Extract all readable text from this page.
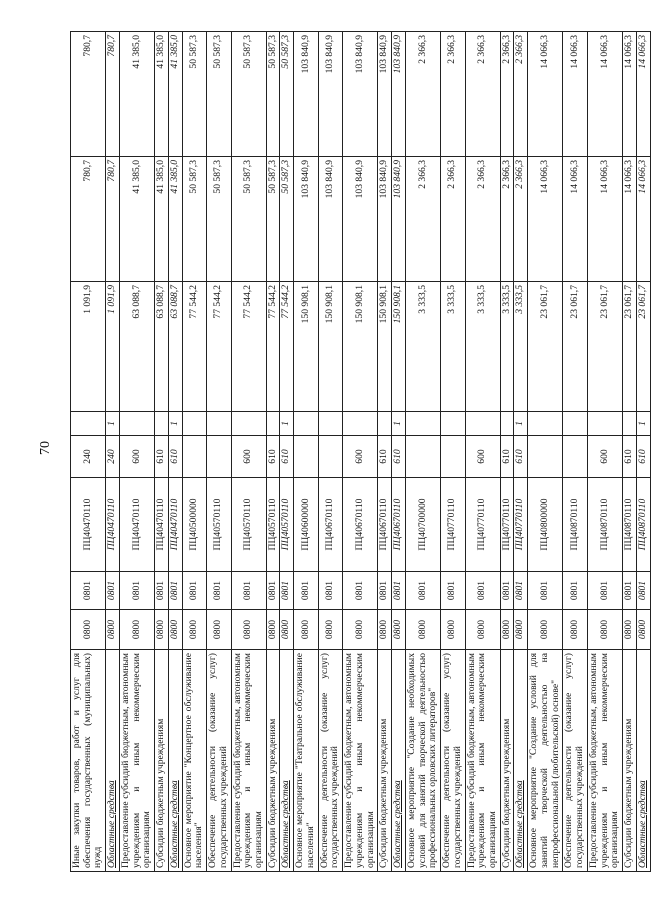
70
Иные закупки товаров, работ и услуг для обеспечения государственных (муниципальных) нужд	0800	0801	ПЦ40470110	240		1 091,9	780,7	780,7
Областные средства	0800	0801	ПЦ40470110	240	1	1 091,9	780,7	780,7
Предоставление субсидий бюджетным, автономным учреждениям и иным некоммерческим организациям	0800	0801	ПЦ40470110	600		63 088,7	41 385,0	41 385,0
Субсидии бюджетным учреждениям	0800	0801	ПЦ40470110	610		63 088,7	41 385,0	41 385,0
Областные средства	0800	0801	ПЦ40470110	610	1	63 088,7	41 385,0	41 385,0
Основное мероприятие "Концертное обслуживание населения"	0800	0801	ПЦ40500000			77 544,2	50 587,3	50 587,3
Обеспечение деятельности (оказание услуг) государственных учреждений	0800	0801	ПЦ40570110			77 544,2	50 587,3	50 587,3
Предоставление субсидий бюджетным, автономным учреждениям и иным некоммерческим организациям	0800	0801	ПЦ40570110	600		77 544,2	50 587,3	50 587,3
Субсидии бюджетным учреждениям	0800	0801	ПЦ40570110	610		77 544,2	50 587,3	50 587,3
Областные средства	0800	0801	ПЦ40570110	610	1	77 544,2	50 587,3	50 587,3
Основное мероприятие "Театральное обслуживание населения"	0800	0801	ПЦ40600000			150 908,1	103 840,9	103 840,9
Обеспечение деятельности (оказание услуг) государственных учреждений	0800	0801	ПЦ40670110			150 908,1	103 840,9	103 840,9
Предоставление субсидий бюджетным, автономным учреждениям и иным некоммерческим организациям	0800	0801	ПЦ40670110	600		150 908,1	103 840,9	103 840,9
Субсидии бюджетным учреждениям	0800	0801	ПЦ40670110	610		150 908,1	103 840,9	103 840,9
Областные средства	0800	0801	ПЦ40670110	610	1	150 908,1	103 840,9	103 840,9
Основное мероприятие "Создание необходимых условий для занятий творческой деятельностью профессиональных орловских литераторов"	0800	0801	ПЦ40700000			3 333,5	2 366,3	2 366,3
Обеспечение деятельности (оказание услуг) государственных учреждений	0800	0801	ПЦ40770110			3 333,5	2 366,3	2 366,3
Предоставление субсидий бюджетным, автономным учреждениям и иным некоммерческим организациям	0800	0801	ПЦ40770110	600		3 333,5	2 366,3	2 366,3
Субсидии бюджетным учреждениям	0800	0801	ПЦ40770110	610		3 333,5	2 366,3	2 366,3
Областные средства	0800	0801	ПЦ40770110	610	1	3 333,5	2 366,3	2 366,3
Основное мероприятие "Создание условий для занятий творческой деятельностью на непрофессиональной (любительской) основе"	0800	0801	ПЦ40800000			23 061,7	14 066,3	14 066,3
Обеспечение деятельности (оказание услуг) государственных учреждений	0800	0801	ПЦ40870110			23 061,7	14 066,3	14 066,3
Предоставление субсидий бюджетным, автономным учреждениям и иным некоммерческим организациям	0800	0801	ПЦ40870110	600		23 061,7	14 066,3	14 066,3
Субсидии бюджетным учреждениям	0800	0801	ПЦ40870110	610		23 061,7	14 066,3	14 066,3
Областные средства	0800	0801	ПЦ40870110	610	1	23 061,7	14 066,3	14 066,3
